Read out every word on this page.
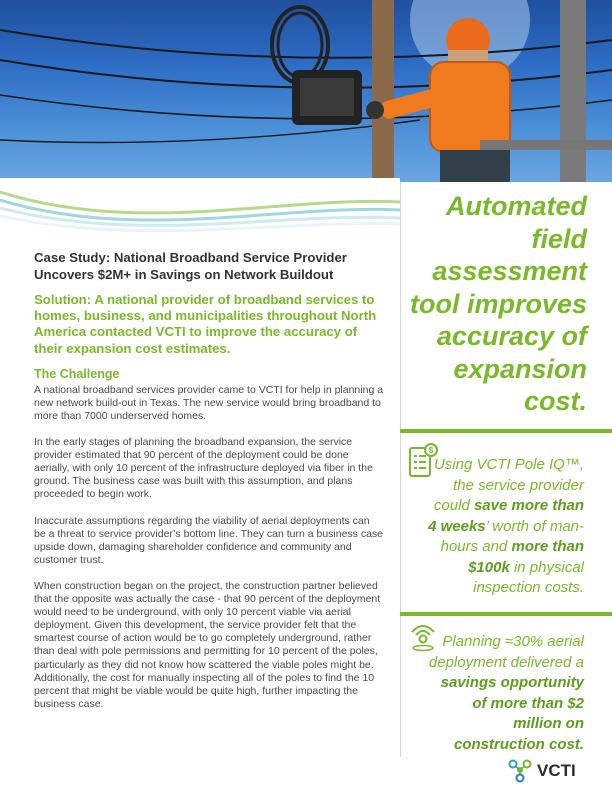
Case Study: National Broadband Service Provider Uncovers $2M+ in Savings on Network Buildout
Solution: A national provider of broadband services to homes, business, and municipalities throughout North America contacted VCTI to improve the accuracy of their expansion cost estimates.
The Challenge

A national broadband services provider came to VCTI for help in planning a new network build-out in Texas. The new service would bring broadband to more than 7000 underserved homes.

In the early stages of planning the broadband expansion, the service provider estimated that 90 percent of the deployment could be done aerially, with only 10 percent of the infrastructure deployed via fiber in the ground. The business case was built with this assumption, and plans proceeded to begin work.

Inaccurate assumptions regarding the viability of aerial deployments can be a threat to service provider’s bottom line. They can turn a business case upside down, damaging shareholder confidence and community and customer trust.

When construction began on the project, the construction partner believed that the opposite was actually the case - that 90 percent of the deployment would need to be underground, with only 10 percent viable via aerial deployment. Given this development, the service provider felt that the smartest course of action would be to go completely underground, rather than deal with pole permissions and permitting for 10 percent of the poles, particularly as they did not know how scattered the viable poles might be. Additionally, the cost for manually inspecting all of the poles to find the 10 percent that might be viable would be quite high, further impacting the business case.

Automated field assessment tool improves accuracy of expansion cost.
$
Using VCTI Pole IQ™, the service provider could save more than 4 weeks’ worth of man-hours and more than $100k in physical inspection costs.
Planning ≈30% aerial deployment delivered a savings opportunity of more than $2 million on construction cost.
VCTI
